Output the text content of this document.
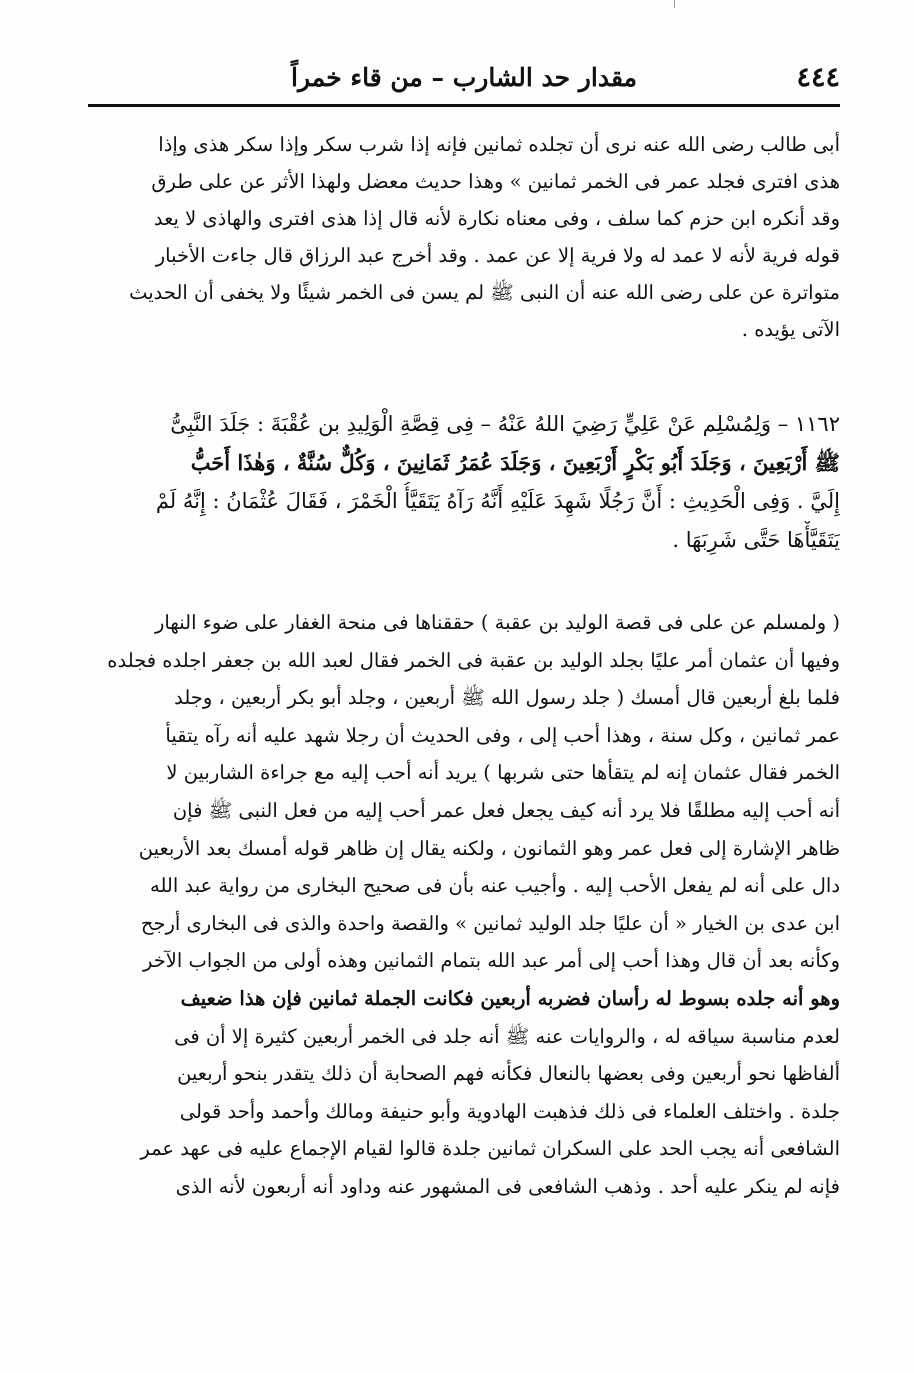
٤٤٤
مقدار حد الشارب – من قاء خمراً
أبى طالب رضى الله عنه نرى أن تجلده ثمانين فإنه إذا شرب سكر وإذا سكر هذى وإذا
هذى افترى فجلد عمر فى الخمر ثمانين » وهذا حديث معضل ولهذا الأثر عن على طرق
وقد أنكره ابن حزم كما سلف ، وفى معناه نكارة لأنه قال إذا هذى افترى والهاذى لا يعد
قوله فرية لأنه لا عمد له ولا فرية إلا عن عمد . وقد أخرج عبد الرزاق قال جاءت الأخبار
متواترة عن على رضى الله عنه أن النبى ﷺ لم يسن فى الخمر شيئًا ولا يخفى أن الحديث
الآتى يؤيده .
١١٦٢ – وَلِمُسْلِم عَنْ عَلِيٍّ رَضِيَ اللهُ عَنْهُ – فِى قِصَّةِ الْوَلِيدِ بن عُقْبَةَ : جَلَدَ النَّبِىُّ
ﷺ أَرْبَعِينَ ، وَجَلَدَ أَبُو بَكْرٍ أَرْبَعِينَ ، وَجَلَدَ عُمَرُ ثَمَانِينَ ، وَكُلٌّ سُنَّةٌ ، وَهٰذَا أَحَبُّ
إِلَيَّ . وَفِى الْحَدِيثِ : أَنَّ رَجُلًا شَهِدَ عَلَيْهِ أَنَّهُ رَآهُ يَتَقَيَّأُ الْخَمْرَ ، فَقَالَ عُثْمَانُ : إِنَّهُ لَمْ
يَتَقَيَّأْهَا حَتَّى شَرِبَهَا .
( ولمسلم عن على فى قصة الوليد بن عقبة ) حققناها فى منحة الغفار على ضوء النهار
وفيها أن عثمان أمر عليًا بجلد الوليد بن عقبة فى الخمر فقال لعبد الله بن جعفر اجلده فجلده
فلما بلغ أربعين قال أمسك ( جلد رسول الله ﷺ أربعين ، وجلد أبو بكر أربعين ، وجلد
عمر ثمانين ، وكل سنة ، وهذا أحب إلى ، وفى الحديث أن رجلا شهد عليه أنه رآه يتقيأ
الخمر فقال عثمان إنه لم يتقأها حتى شربها ) يريد أنه أحب إليه مع جراءة الشاربين لا
أنه أحب إليه مطلقًا فلا يرد أنه كيف يجعل فعل عمر أحب إليه من فعل النبى ﷺ فإن
ظاهر الإشارة إلى فعل عمر وهو الثمانون ، ولكنه يقال إن ظاهر قوله أمسك بعد الأربعين
دال على أنه لم يفعل الأحب إليه . وأجيب عنه بأن فى صحيح البخارى من رواية عبد الله
ابن عدى بن الخيار « أن عليًا جلد الوليد ثمانين » والقصة واحدة والذى فى البخارى أرجح
وكأنه بعد أن قال وهذا أحب إلى أمر عبد الله بتمام الثمانين وهذه أولى من الجواب الآخر
وهو أنه جلده بسوط له رأسان فضربه أربعين فكانت الجملة ثمانين فإن هذا ضعيف
لعدم مناسبة سياقه له ، والروايات عنه ﷺ أنه جلد فى الخمر أربعين كثيرة إلا أن فى
ألفاظها نحو أربعين وفى بعضها بالنعال فكأنه فهم الصحابة أن ذلك يتقدر بنحو أربعين
جلدة . واختلف العلماء فى ذلك فذهبت الهادوية وأبو حنيفة ومالك وأحمد وأحد قولى
الشافعى أنه يجب الحد على السكران ثمانين جلدة قالوا لقيام الإجماع عليه فى عهد عمر
فإنه لم ينكر عليه أحد . وذهب الشافعى فى المشهور عنه وداود أنه أربعون لأنه الذى
